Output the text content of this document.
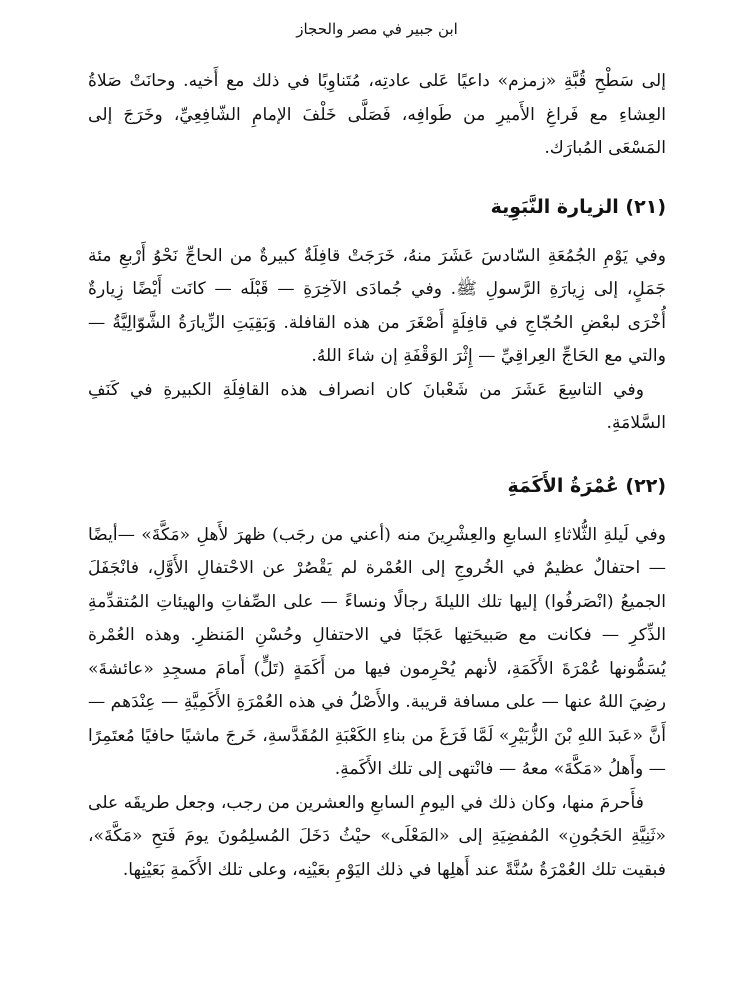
ابن جبير في مصر والحجاز

إلى سَطْحِ قُبَّةِ «زمزم» داعيًا عَلى عادتِه، مُتَناوِبًا في ذلك مع أَخيه. وحانَتْ صَلاةُ العِشاءِ مع فَراغِ الأَميرِ من طَوافِه، فَصَلَّى خَلْفَ الإمامِ الشّافِعِيِّ، وخَرَجَ إلى المَسْعَى المُبارَك.

(٢١) الزيارة النَّبَوِية

وفي يَوْمِ الجُمُعَةِ السّادسَ عَشَرَ منهُ، خَرَجَتْ قافِلَةٌ كبيرةٌ من الحاجِّ نَحْوُ أَرْبعِ مئة جَمَلٍ، إلى زِيارَةِ الرَّسولِ ﷺ. وفي جُمادَى الآخِرَةِ — قَبْلَه — كانَت أَيْضًا زِيارةٌ أُخْرَى لبعْضِ الحُجّاجِ في قافِلَةٍ أَصْغَرَ من هذه القافلة. وَبَقِيَتِ الزِّيارَةُ الشَّوّالِيَّةُ — والتي مع الحَاجِّ العِراقِيِّ — إِثْرَ الوَقْفَةِ إن شاءَ اللهُ.

وفي التاسِعَ عَشَرَ من شَعْبانَ كان انصراف هذه القافِلَةِ الكبيرةِ في كَنَفِ السَّلامَةِ.

(٢٢) عُمْرَةُ الأَكَمَةِ

وفي لَيلةِ الثُّلاثاءِ السابعِ والعِشْرِينَ منه (أعني من رجَب) ظهرَ لأَهلِ «مَكَّةَ» —أيضًا — احتفالٌ عظيمٌ في الخُروجِ إلى العُمْرة لم يَقْصُرْ عن الاحْتفالِ الأَوَّلِ، فانْجَفَلَ الجميعُ (انْصَرفُوا) إليها تلك الليلةَ رجالًا ونساءً — على الصِّفاتِ والهيئاتِ المُتقدِّمةِ الذِّكرِ — فكانت مع صَبيحَتِها عَجَبًا في الاحتفالِ وحُسْنِ المَنظرِ. وهذه العُمْرة يُسَمُّونها عُمْرَةَ الأَكَمَةِ، لأنهم يُحْرِمون فيها من أَكَمَةٍ (تَلٍّ) أَمامَ مسجِدِ «عائشةَ» رضِيَ اللهُ عنها — على مسافة قريبة. والأَصْلُ في هذه العُمْرَةِ الأَكَمِيَّةِ — عِنْدَهم — أَنَّ «عَبدَ اللهِ بْنَ الزُّبَيْرِ» لَمَّا فَرَغَ من بناءِ الكَعْبَةِ المُقَدَّسةِ، خَرجَ ماشيًا حافيًا مُعتَمِرًا — وأَهلُ «مَكَّةَ» معهُ — فانْتهى إلى تلك الأَكَمةِ.

فأَحرمَ منها، وكان ذلك في اليومِ السابعِ والعشرين من رجب، وجعل طريقَه على «ثَنِيَّةِ الحَجُونِ» المُفضِيَةِ إلى «المَعْلَى» حيْثُ دَخَلَ المُسلِمُونَ يومَ فَتحِ «مَكَّةَ»، فبقيت تلك العُمْرَةُ سُنَّةً عند أَهلِها في ذلك اليَوْمِ بعَيْنِه، وعلى تلك الأَكَمةِ بَعَيْنِها.
